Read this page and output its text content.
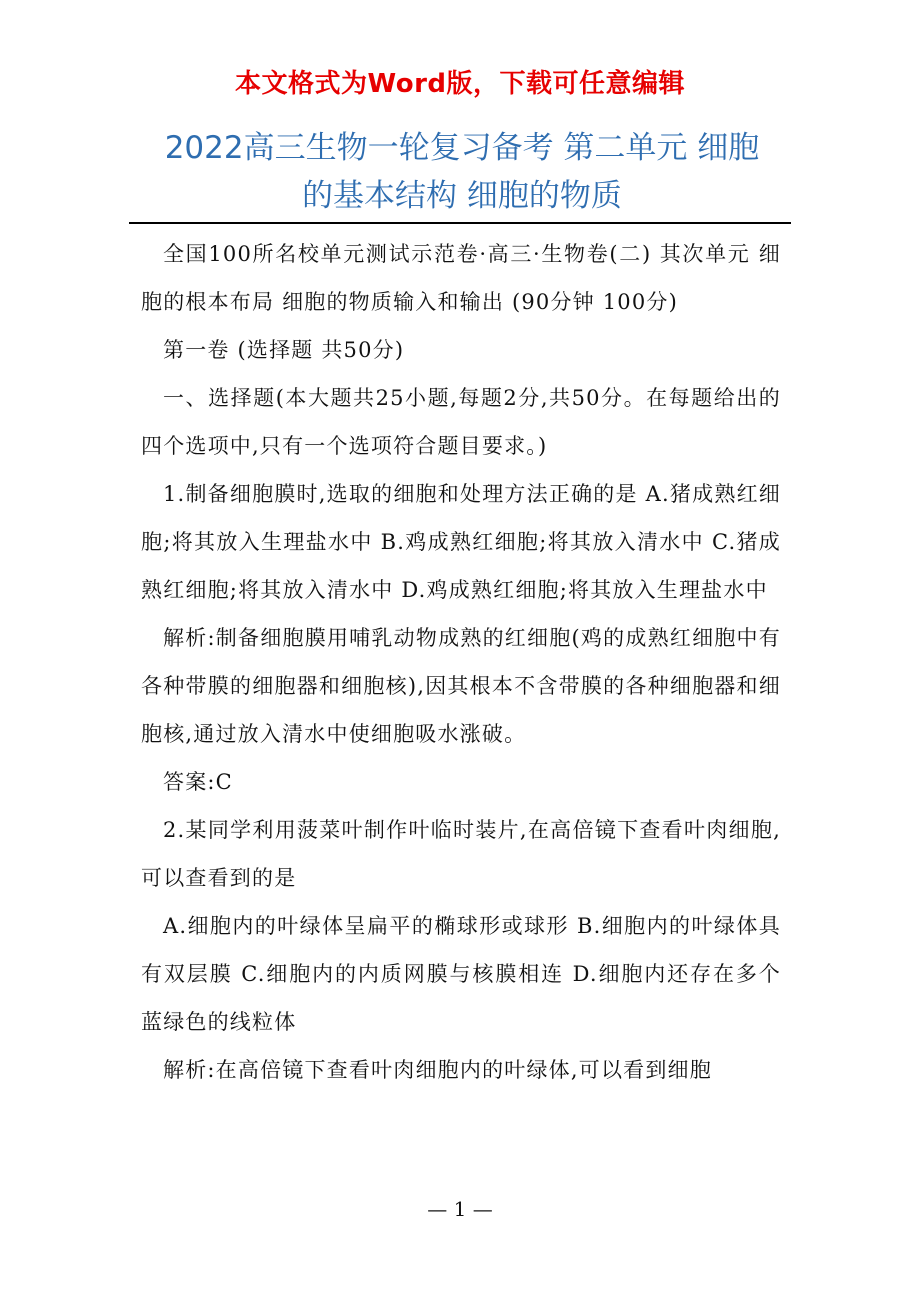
本文格式为Word版，下载可任意编辑
2022高三生物一轮复习备考 第二单元 细胞
的基本结构 细胞的物质

全国100所名校单元测试示范卷·高三·生物卷(二) 其次单元 细胞的根本布局 细胞的物质输入和输出 (90分钟 100分)

第一卷 (选择题 共50分)

一、选择题(本大题共25小题,每题2分,共50分。在每题给出的四个选项中,只有一个选项符合题目要求。)

1.制备细胞膜时,选取的细胞和处理方法正确的是 A.猪成熟红细胞;将其放入生理盐水中 B.鸡成熟红细胞;将其放入清水中 C.猪成熟红细胞;将其放入清水中 D.鸡成熟红细胞;将其放入生理盐水中

解析:制备细胞膜用哺乳动物成熟的红细胞(鸡的成熟红细胞中有各种带膜的细胞器和细胞核),因其根本不含带膜的各种细胞器和细胞核,通过放入清水中使细胞吸水涨破。

答案:C

2.某同学利用菠菜叶制作叶临时装片,在高倍镜下查看叶肉细胞,可以查看到的是

A.细胞内的叶绿体呈扁平的椭球形或球形 B.细胞内的叶绿体具有双层膜 C.细胞内的内质网膜与核膜相连 D.细胞内还存在多个蓝绿色的线粒体

解析:在高倍镜下查看叶肉细胞内的叶绿体,可以看到细胞

— 1 —
